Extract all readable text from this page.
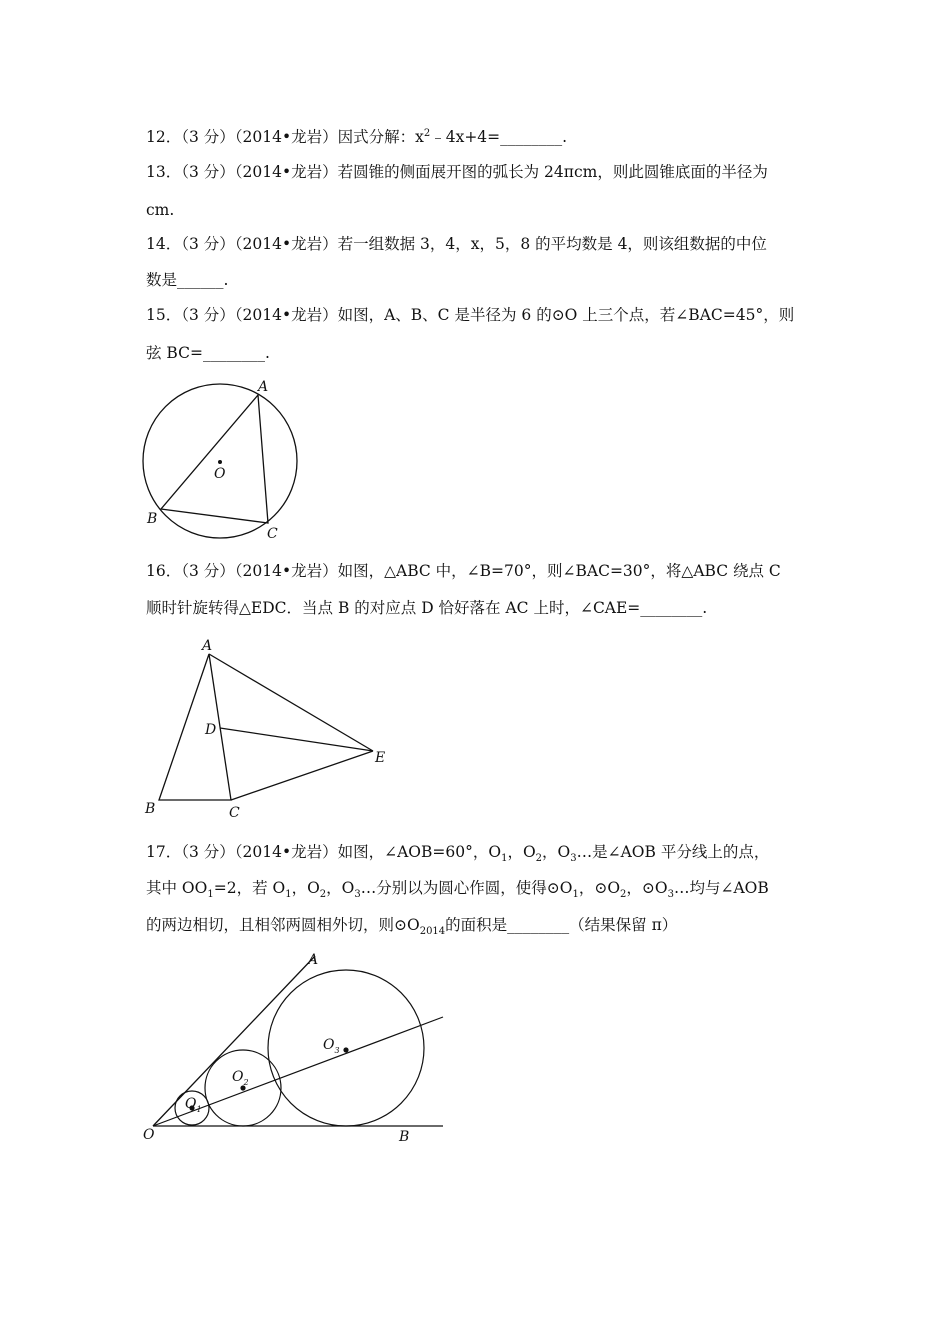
12．（3 分）（2014•龙岩）因式分解：$x^2﹣4x+4=\_\_\_\_\_\_\_\_$.
13．（3 分）（2014•龙岩）若圆锥的侧面展开图的弧长为 24πcm，则此圆锥底面的半径为
cm.
14．（3 分）（2014•龙岩）若一组数据 3，4，x，5，8 的平均数是 4，则该组数据的中位
数是______.
15．（3 分）（2014•龙岩）如图，A、B、C 是半径为 6 的⊙O 上三个点，若∠BAC=45°，则
弦 BC=________.
A
O
B
C
16．（3 分）（2014•龙岩）如图，△ABC 中，∠B=70°，则∠BAC=30°，将△ABC 绕点 C
顺时针旋转得△EDC．当点 B 的对应点 D 恰好落在 AC 上时，∠CAE=________.
A
D
E
B	C
17．（3 分）（2014•龙岩）如图，∠AOB=60°，$O_1$，$O_2$，$O_3\dots$是∠AOB 平分线上的点，
其中 $OO_1=2$，若 $O_1$，$O_2$，$O_3\dots$分别以为圆心作圆，使得$⊙O_1$，$⊙O_2$，$⊙O_3\dots$均与∠AOB
的两边相切，且相邻两圆相外切，则$⊙O_{2014}$的面积是________（结果保留 π）
A
$O_3$
$O_2$
$O_1$
O	B
